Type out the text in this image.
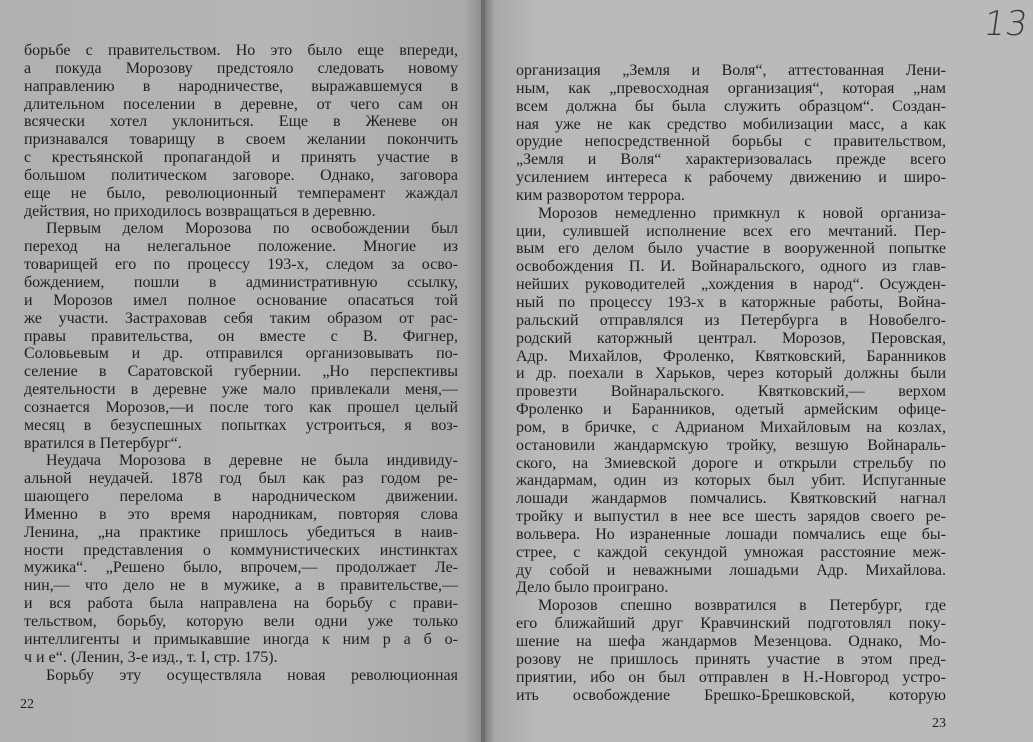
борьбе с правительством. Но это было еще впереди,
а покуда Морозову предстояло следовать новому
направлению в народничестве, выражавшемуся в
длительном поселении в деревне, от чего сам он
всячески хотел уклониться. Еще в Женеве он
признавался товарищу в своем желании покончить
с крестьянской пропагандой и принять участие в
большом политическом заговоре. Однако, заговора
еще не было, революционный темперамент жаждал
действия, но приходилось возвращаться в деревню.
Первым делом Морозова по освобождении был
переход на нелегальное положение. Многие из
товарищей его по процессу 193-х, следом за осво-
бождением, пошли в административную ссылку,
и Морозов имел полное основание опасаться той
же участи. Застраховав себя таким образом от рас-
правы правительства, он вместе с В. Фигнер,
Соловьевым и др. отправился организовывать по-
селение в Саратовской губернии. „Но перспективы
деятельности в деревне уже мало привлекали меня,—
сознается Морозов,—и после того как прошел целый
месяц в безуспешных попытках устроиться, я воз-
вратился в Петербург“.
Неудача Морозова в деревне не была индивиду-
альной неудачей. 1878 год был как раз годом ре-
шающего перелома в народническом движении.
Именно в это время народникам, повторяя слова
Ленина, „на практике пришлось убедиться в наив-
ности представления о коммунистических инстинктах
мужика“. „Решено было, впрочем,— продолжает Ле-
нин,— что дело не в мужике, а в правительстве,—
и вся работа была направлена на борьбу с прави-
тельством, борьбу, которую вели одни уже только
интеллигенты и примыкавшие иногда к ним р а б о-
ч и е“. (Ленин, 3-е изд., т. I, стр. 175).
Борьбу эту осуществляла новая революционная
22
организация „Земля и Воля“, аттестованная Лени-
ным, как „превосходная организация“, которая „нам
всем должна бы была служить образцом“. Создан-
ная уже не как средство мобилизации масс, а как
орудие непосредственной борьбы с правительством,
„Земля и Воля“ характеризовалась прежде всего
усилением интереса к рабочему движению и широ-
ким разворотом террора.
Морозов немедленно примкнул к новой организа-
ции, сулившей исполнение всех его мечтаний. Пер-
вым его делом было участие в вооруженной попытке
освобождения П. И. Войнаральского, одного из глав-
нейших руководителей „хождения в народ“. Осужден-
ный по процессу 193-х в каторжные работы, Война-
ральский отправлялся из Петербурга в Новобелго-
родский каторжный централ. Морозов, Перовская,
Адр. Михайлов, Фроленко, Квятковский, Баранников
и др. поехали в Харьков, через который должны были
провезти Войнаральского. Квятковский,— верхом
Фроленко и Баранников, одетый армейским офице-
ром, в бричке, с Адрианом Михайловым на козлах,
остановили жандармскую тройку, везшую Войнараль-
ского, на Змиевской дороге и открыли стрельбу по
жандармам, один из которых был убит. Испуганные
лошади жандармов помчались. Квятковский нагнал
тройку и выпустил в нее все шесть зарядов своего ре-
вольвера. Но израненные лошади помчались еще бы-
стрее, с каждой секундой умножая расстояние меж-
ду собой и неважными лошадьми Адр. Михайлова.
Дело было проиграно.
Морозов спешно возвратился в Петербург, где
его ближайший друг Кравчинский подготовлял поку-
шение на шефа жандармов Мезенцова. Однако, Мо-
розову не пришлось принять участие в этом пред-
приятии, ибо он был отправлен в Н.-Новгород устро-
ить освобождение Брешко-Брешковской, которую
23
13
